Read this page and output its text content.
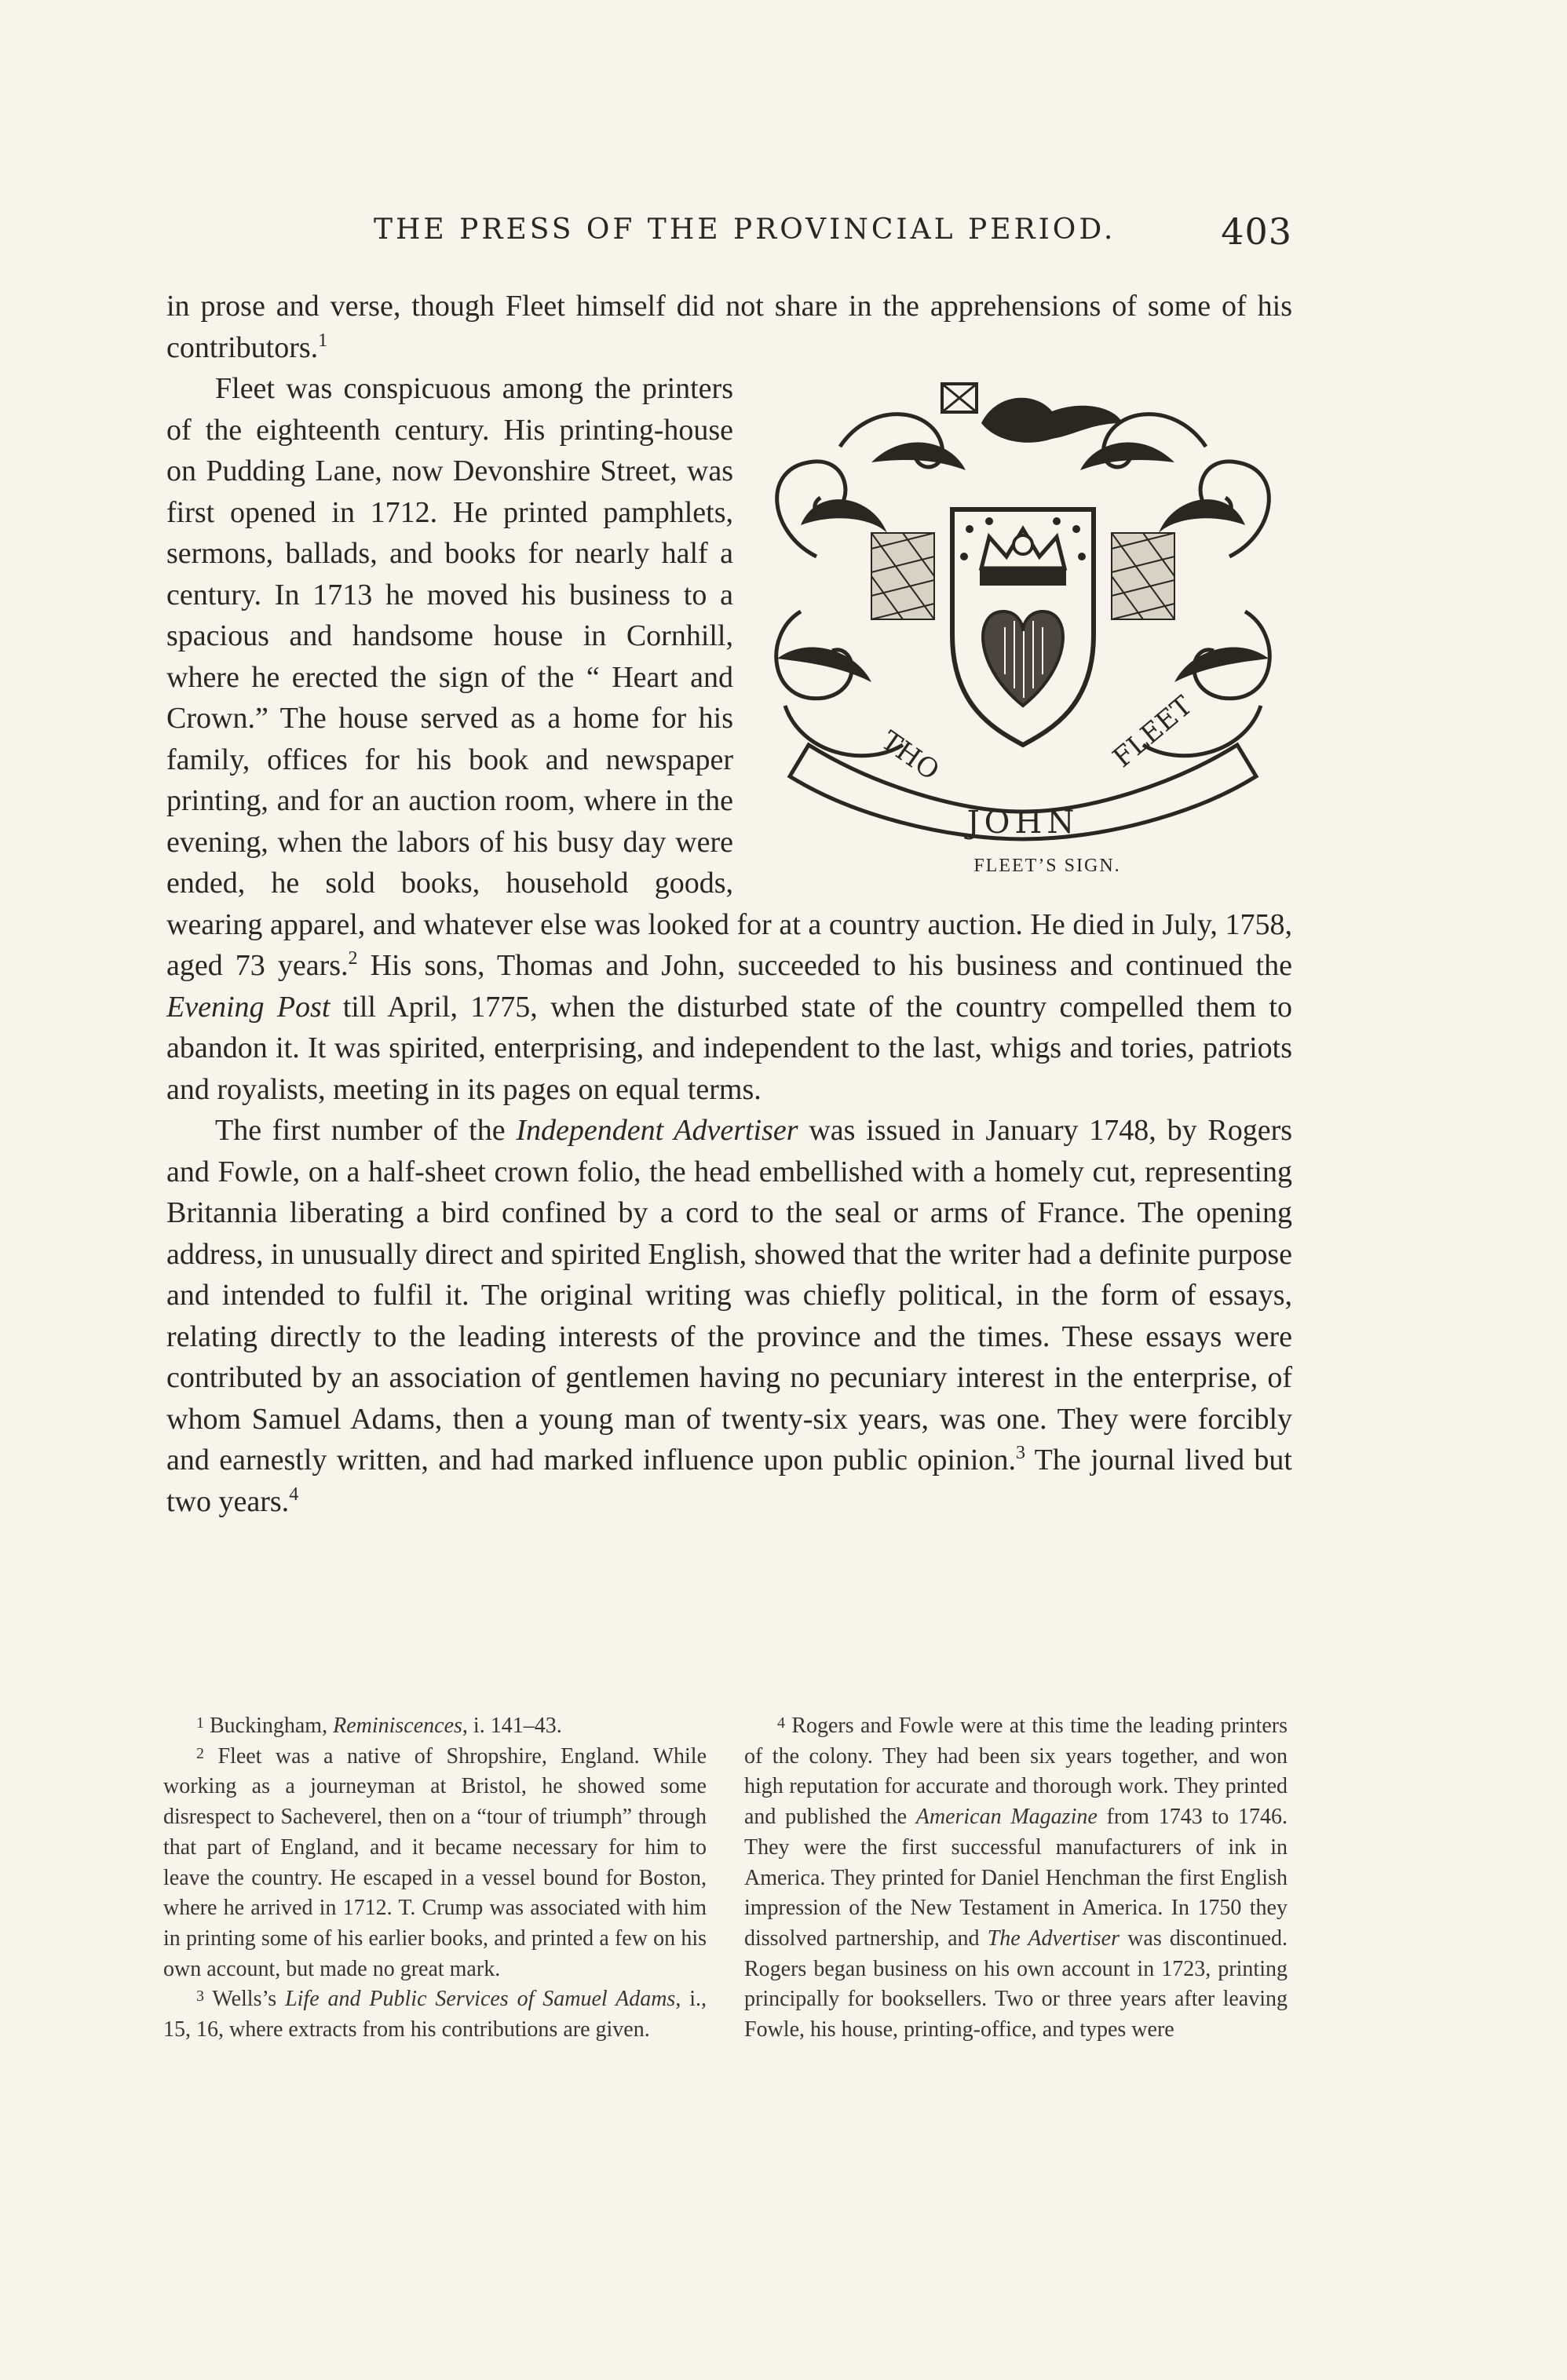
THE PRESS OF THE PROVINCIAL PERIOD.	403

in prose and verse, though Fleet himself did not share in the apprehensions of some of his contributors.$^1$

THO	FLEET
JOHN
FLEET’S SIGN.
Fleet was conspicuous among the printers of the eighteenth century. His printing-house on Pudding Lane, now Devonshire Street, was first opened in 1712. He printed pamphlets, sermons, ballads, and books for nearly half a century. In 1713 he moved his business to a spacious and handsome house in Cornhill, where he erected the sign of the “ Heart and Crown.” The house served as a home for his family, offices for his book and newspaper printing, and for an auction room, where in the evening, when the labors of his busy day were ended, he sold books, household goods, wearing apparel, and whatever else was looked for at a country auction. He died in July, 1758, aged 73 years.$^2$ His sons, Thomas and John, succeeded to his business and continued the Evening Post till April, 1775, when the disturbed state of the country compelled them to abandon it. It was spirited, enterprising, and independent to the last, whigs and tories, patriots and royalists, meeting in its pages on equal terms.

The first number of the Independent Advertiser was issued in January 1748, by Rogers and Fowle, on a half-sheet crown folio, the head embellished with a homely cut, representing Britannia liberating a bird confined by a cord to the seal or arms of France. The opening address, in unusually direct and spirited English, showed that the writer had a definite purpose and intended to fulfil it. The original writing was chiefly political, in the form of essays, relating directly to the leading interests of the province and the times. These essays were contributed by an association of gentlemen having no pecuniary interest in the enterprise, of whom Samuel Adams, then a young man of twenty-six years, was one. They were forcibly and earnestly written, and had marked influence upon public opinion.$^3$ The journal lived but two years.$^4$

$^1$ Buckingham, Reminiscences, i. 141–43.

$^2$ Fleet was a native of Shropshire, England. While working as a journeyman at Bristol, he showed some disrespect to Sacheverel, then on a “tour of triumph” through that part of England, and it became necessary for him to leave the country. He escaped in a vessel bound for Boston, where he arrived in 1712. T. Crump was associated with him in printing some of his earlier books, and printed a few on his own account, but made no great mark.

$^3$ Wells’s Life and Public Services of Samuel Adams, i., 15, 16, where extracts from his contributions are given.

$^4$ Rogers and Fowle were at this time the leading printers of the colony. They had been six years together, and won high reputation for accurate and thorough work. They printed and published the American Magazine from 1743 to 1746. They were the first successful manufacturers of ink in America. They printed for Daniel Henchman the first English impression of the New Testament in America. In 1750 they dissolved partnership, and The Advertiser was discontinued. Rogers began business on his own account in 1723, printing principally for booksellers. Two or three years after leaving Fowle, his house, printing-office, and types were
